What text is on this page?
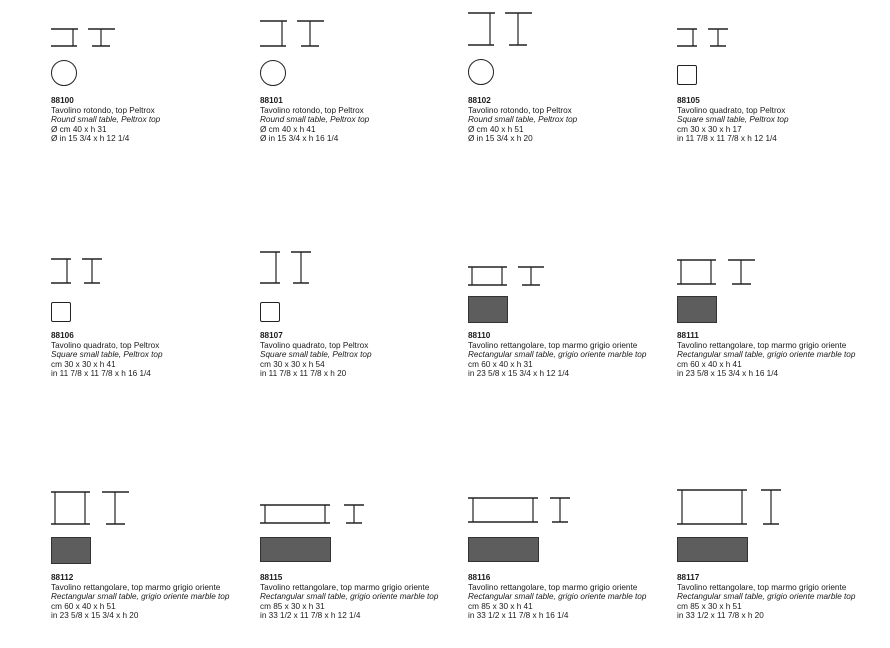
88100
Tavolino rotondo, top Peltrox
Round small table, Peltrox top
Ø cm 40 x h 31
Ø in 15 3/4 x h 12 1/4
88101
Tavolino rotondo, top Peltrox
Round small table, Peltrox top
Ø cm 40 x h 41
Ø in 15 3/4 x h 16 1/4
88102
Tavolino rotondo, top Peltrox
Round small table, Peltrox top
Ø cm 40 x h 51
Ø in 15 3/4 x h 20
88105
Tavolino quadrato, top Peltrox
Square small table, Peltrox top
cm 30 x 30 x h 17
in 11 7/8 x 11 7/8 x h 12 1/4
88106
Tavolino quadrato, top Peltrox
Square small table, Peltrox top
cm 30 x 30 x h 41
in 11 7/8 x 11 7/8 x h 16 1/4
88107
Tavolino quadrato, top Peltrox
Square small table, Peltrox top
cm 30 x 30 x h 54
in 11 7/8 x 11 7/8 x h 20
88110
Tavolino rettangolare, top marmo grigio oriente
Rectangular small table, grigio oriente marble top
cm 60 x 40 x h 31
in 23 5/8 x 15 3/4 x h 12 1/4
88111
Tavolino rettangolare, top marmo grigio oriente
Rectangular small table, grigio oriente marble top
cm 60 x 40 x h 41
in 23 5/8 x 15 3/4 x h 16 1/4
88112
Tavolino rettangolare, top marmo grigio oriente
Rectangular small table, grigio oriente marble top
cm 60 x 40 x h 51
in 23 5/8 x 15 3/4 x h 20
88115
Tavolino rettangolare, top marmo grigio oriente
Rectangular small table, grigio oriente marble top
cm 85 x 30 x h 31
in 33 1/2 x 11 7/8 x h 12 1/4
88116
Tavolino rettangolare, top marmo grigio oriente
Rectangular small table, grigio oriente marble top
cm 85 x 30 x h 41
in 33 1/2 x 11 7/8 x h 16 1/4
88117
Tavolino rettangolare, top marmo grigio oriente
Rectangular small table, grigio oriente marble top
cm 85 x 30 x h 51
in 33 1/2 x 11 7/8 x h 20
